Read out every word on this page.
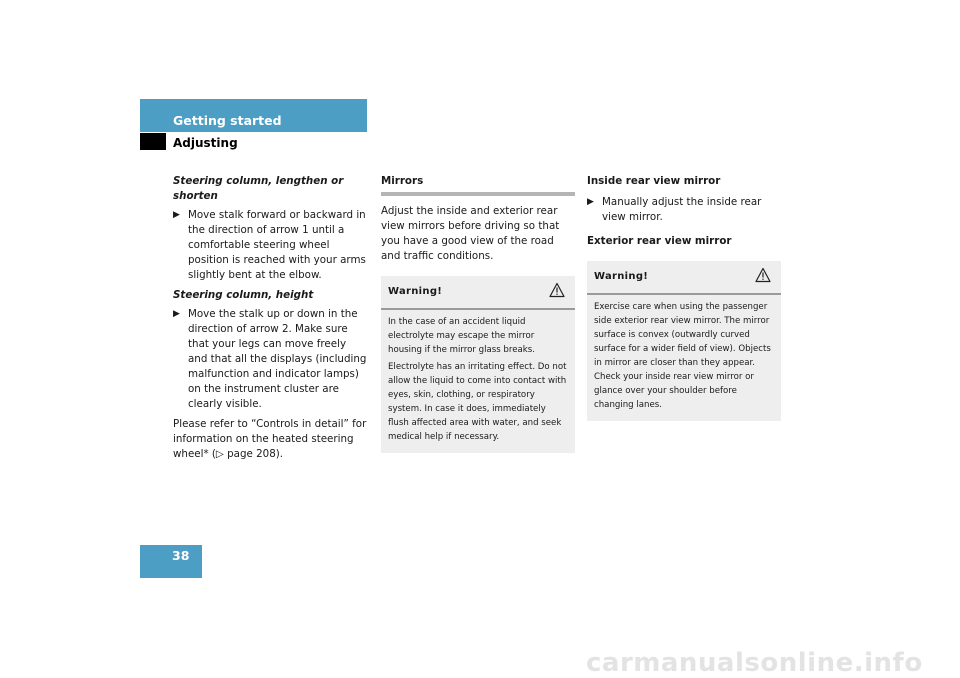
Getting started
Adjusting
Steering column, lengthen or shorten
▶ Move stalk forward or backward in the direction of arrow 1 until a comfortable steering wheel position is reached with your arms slightly bent at the elbow.
Steering column, height
▶ Move the stalk up or down in the direction of arrow 2. Make sure that your legs can move freely and that all the displays (including malfunction and indicator lamps) on the instrument cluster are clearly visible.
Please refer to “Controls in detail” for information on the heated steering wheel* (▷ page 208).
Mirrors
Adjust the inside and exterior rear view mirrors before driving so that you have a good view of the road and traffic conditions.
Warning!

In the case of an accident liquid electrolyte may escape the mirror housing if the mirror glass breaks.

Electrolyte has an irritating effect. Do not allow the liquid to come into contact with eyes, skin, clothing, or respiratory system. In case it does, immediately flush affected area with water, and seek medical help if necessary.

Inside rear view mirror
▶ Manually adjust the inside rear view mirror.
Exterior rear view mirror
Warning!

Exercise care when using the passenger side exterior rear view mirror. The mirror surface is convex (outwardly curved surface for a wider field of view). Objects in mirror are closer than they appear. Check your inside rear view mirror or glance over your shoulder before changing lanes.

38
carmanualsonline.info
